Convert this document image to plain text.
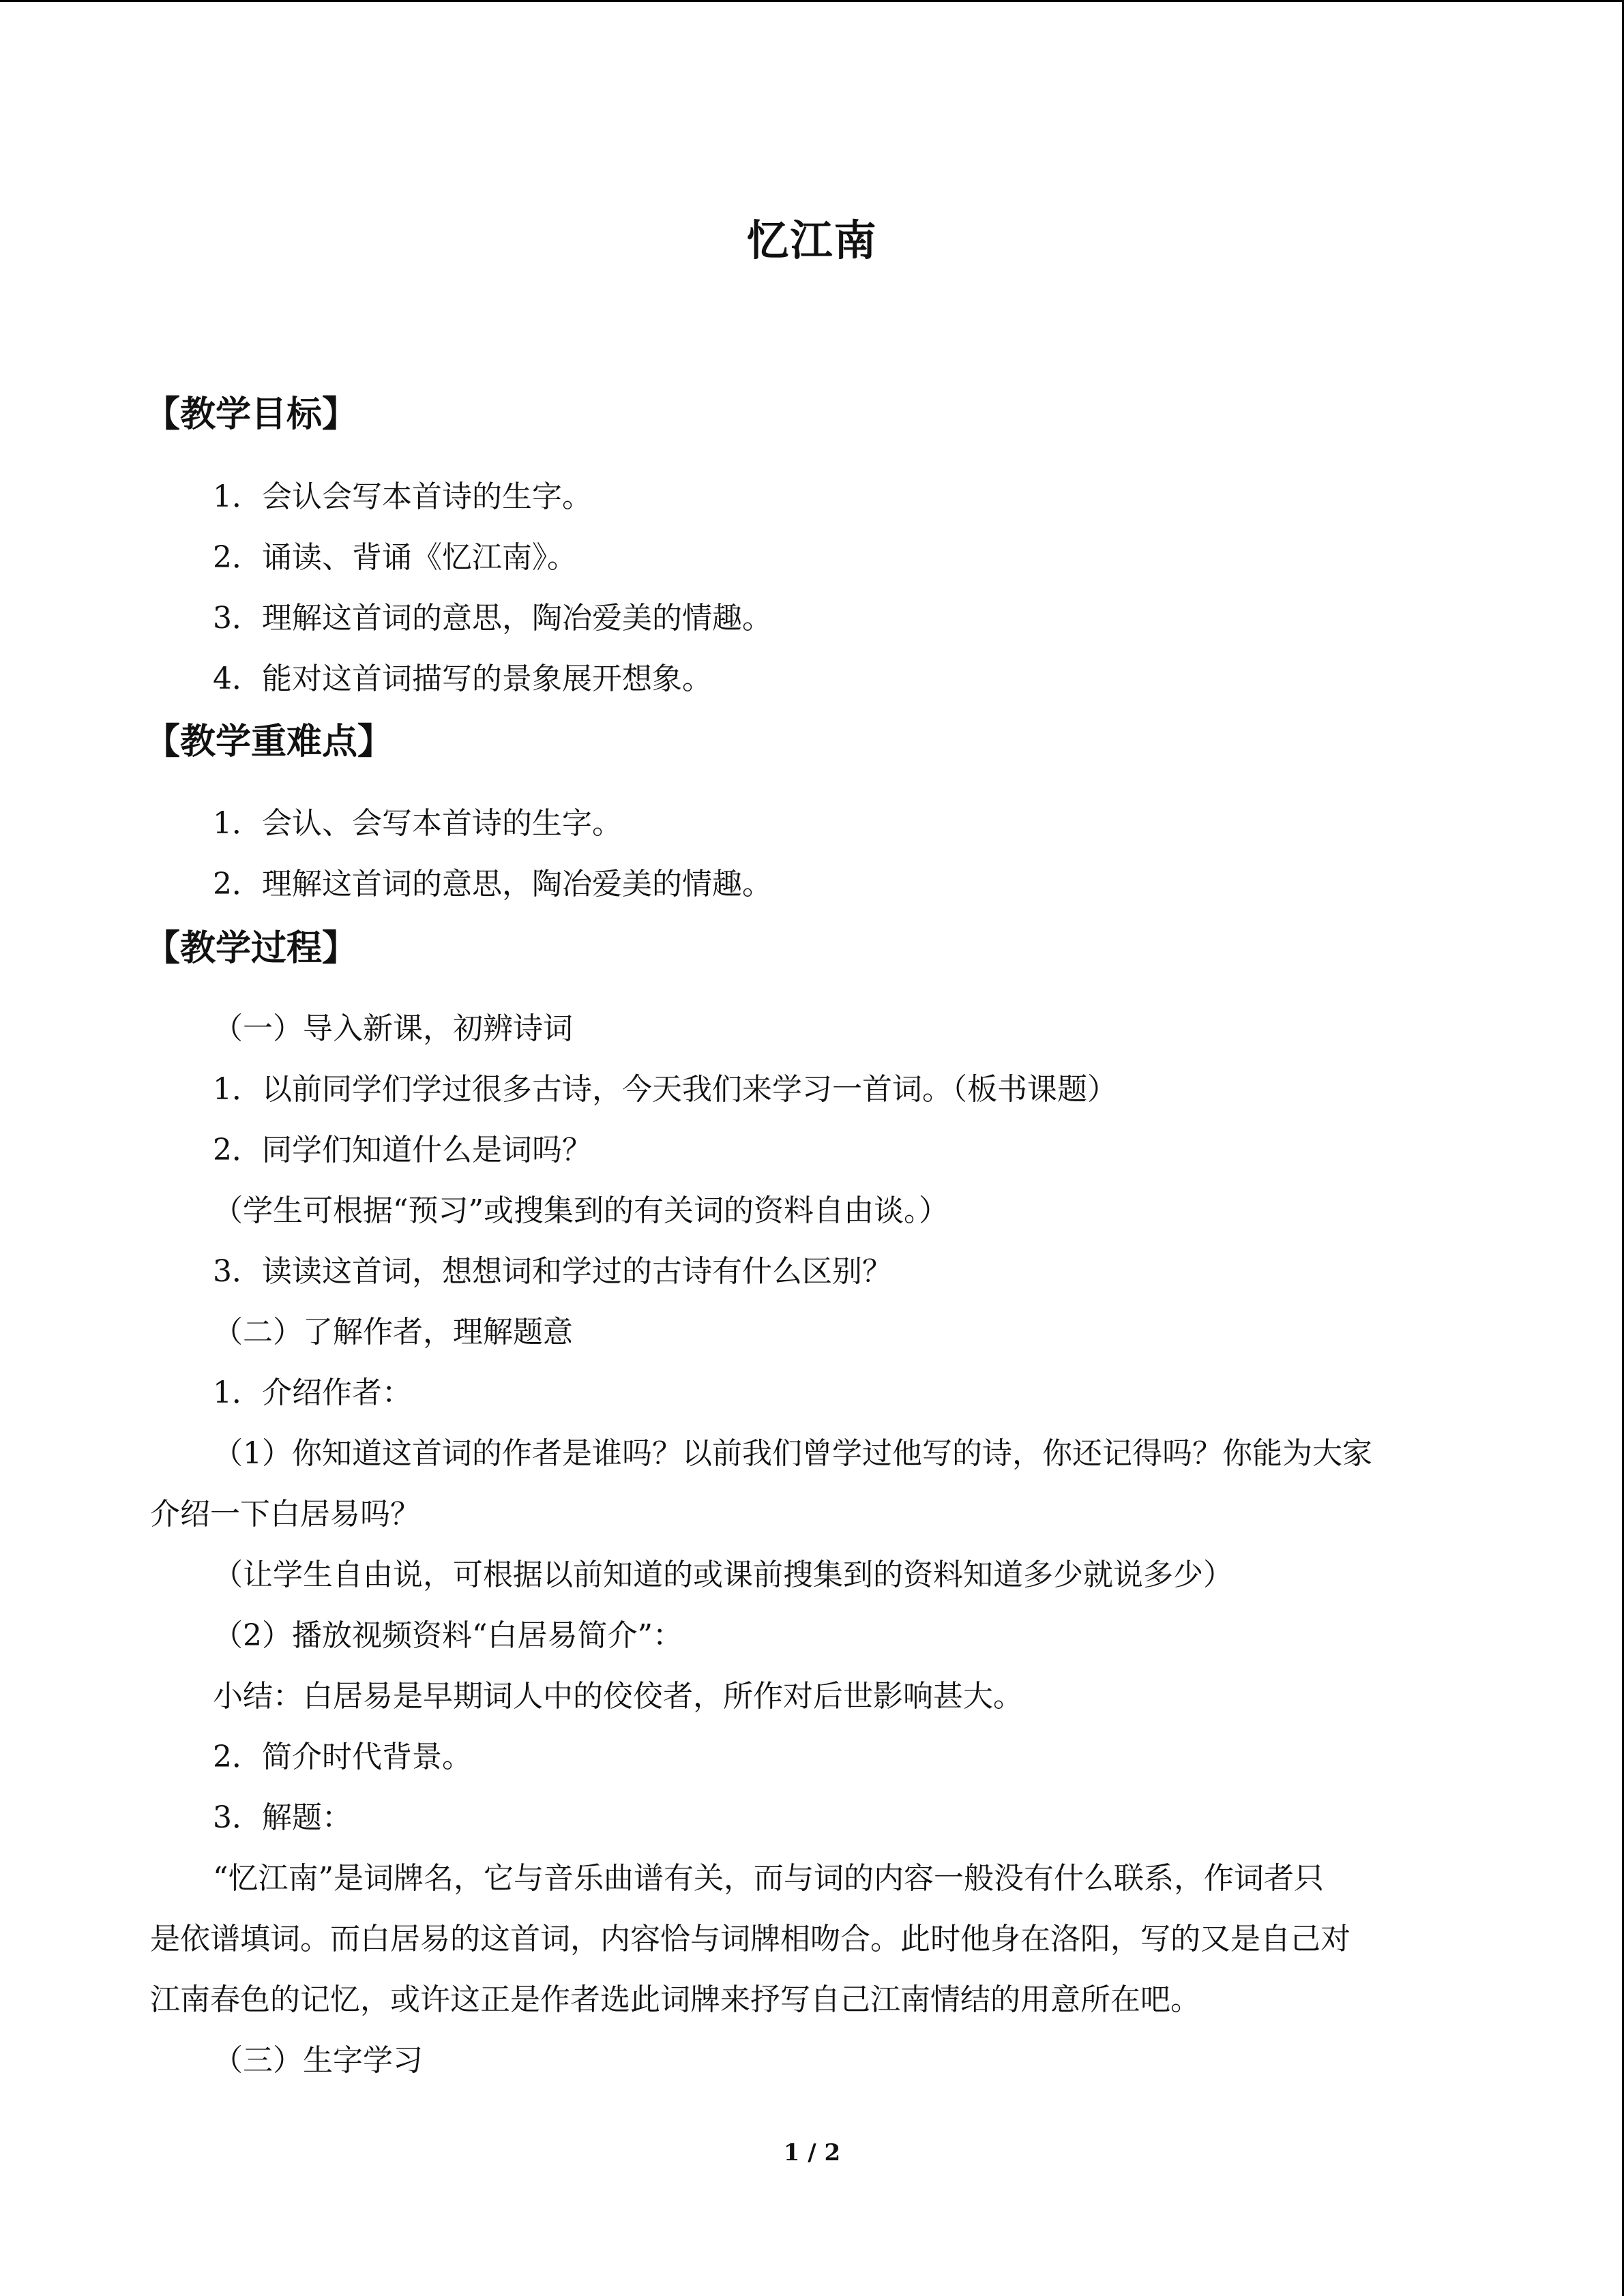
忆江南
【教学目标】
1．会认会写本首诗的生字。
2．诵读、背诵《忆江南》。
3．理解这首词的意思，陶冶爱美的情趣。
4．能对这首词描写的景象展开想象。
【教学重难点】
1．会认、会写本首诗的生字。
2．理解这首词的意思，陶冶爱美的情趣。
【教学过程】
（一）导入新课，初辨诗词
1．以前同学们学过很多古诗，今天我们来学习一首词。（板书课题）
2．同学们知道什么是词吗？
（学生可根据“预习”或搜集到的有关词的资料自由谈。）
3．读读这首词，想想词和学过的古诗有什么区别？
（二）了解作者，理解题意
1．介绍作者：
（1）你知道这首词的作者是谁吗？以前我们曾学过他写的诗，你还记得吗？你能为大家
介绍一下白居易吗？
（让学生自由说，可根据以前知道的或课前搜集到的资料知道多少就说多少）
（2）播放视频资料“白居易简介”：
小结：白居易是早期词人中的佼佼者，所作对后世影响甚大。
2．简介时代背景。
3．解题：
“忆江南”是词牌名，它与音乐曲谱有关，而与词的内容一般没有什么联系，作词者只
是依谱填词。而白居易的这首词，内容恰与词牌相吻合。此时他身在洛阳，写的又是自己对
江南春色的记忆，或许这正是作者选此词牌来抒写自己江南情结的用意所在吧。
（三）生字学习
1 / 2
